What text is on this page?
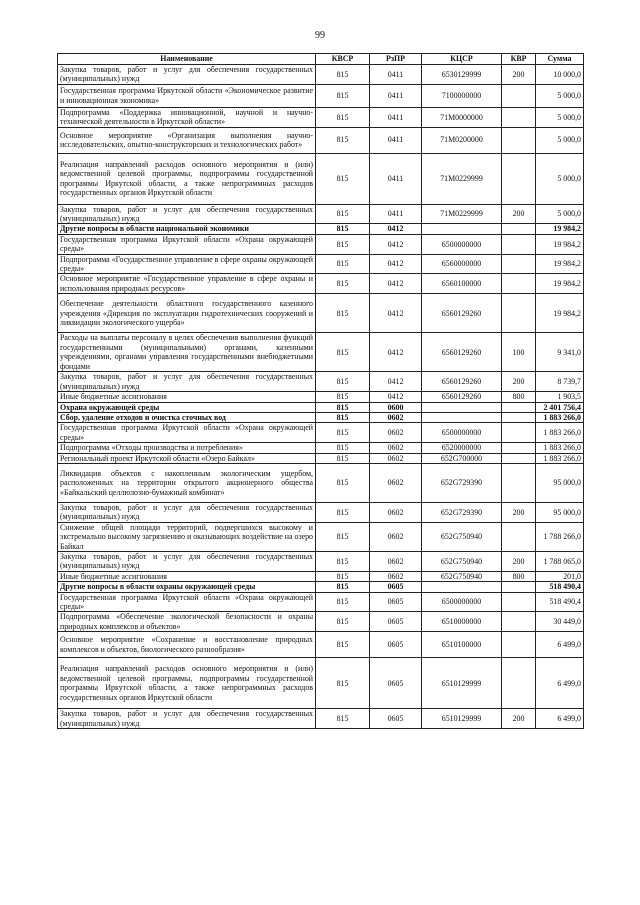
99
Наименование	КВСР	РзПР	КЦСР	КВР	Сумма
Закупка товаров, работ и услуг для обеспечения государственных (муниципальных) нужд	815	0411	6530129999	200	10 000,0
Государственная программа Иркутской области «Экономическое развитие и инновационная экономика»	815	0411	7100000000		5 000,0
Подпрограмма «Поддержка инновационной, научной и научно-технической деятельности в Иркутской области»	815	0411	71M0000000		5 000,0
Основное мероприятие «Организация выполнения научно-исследовательских, опытно-конструкторских и технологических работ»	815	0411	71M0200000		5 000,0
Реализация направлений расходов основного мероприятия и (или) ведомственной целевой программы, подпрограммы государственной программы Иркутской области, а также непрограммных расходов государственных органов Иркутской области	815	0411	71M0229999		5 000,0
Закупка товаров, работ и услуг для обеспечения государственных (муниципальных) нужд	815	0411	71M0229999	200	5 000,0
Другие вопросы в области национальной экономики	815	0412			19 984,2
Государственная программа Иркутской области «Охрана окружающей среды»	815	0412	6500000000		19 984,2
Подпрограмма «Государственное управление в сфере охраны окружающей среды»	815	0412	6560000000		19 984,2
Основное мероприятие «Государственное управление в сфере охраны и использования природных ресурсов»	815	0412	6560100000		19 984,2
Обеспечение деятельности областного государственного казенного учреждения «Дирекция по эксплуатации гидротехнических сооружений и ликвидации экологического ущерба»	815	0412	6560129260		19 984,2
Расходы на выплаты персоналу в целях обеспечения выполнения функций государственными (муниципальными) органами, казенными учреждениями, органами управления государственными внебюджетными фондами	815	0412	6560129260	100	9 341,0
Закупка товаров, работ и услуг для обеспечения государственных (муниципальных) нужд	815	0412	6560129260	200	8 739,7
Иные бюджетные ассигнования	815	0412	6560129260	800	1 903,5
Охрана окружающей среды	815	0600			2 401 756,4
Сбор, удаление отходов и очистка сточных вод	815	0602			1 883 266,0
Государственная программа Иркутской области «Охрана окружающей среды»	815	0602	6500000000		1 883 266,0
Подпрограмма «Отходы производства и потребления»	815	0602	6520000000		1 883 266,0
Региональный проект Иркутской области «Озеро Байкал»	815	0602	652G700000		1 883 266,0
Ликвидация объектов с накопленным экологическим ущербом, расположенных на территории открытого акционерного общества «Байкальский целлюлозно-бумажный комбинат»	815	0602	652G729390		95 000,0
Закупка товаров, работ и услуг для обеспечения государственных (муниципальных) нужд	815	0602	652G729390	200	95 000,0
Снижение общей площади территорий, подвергшихся высокому и экстремально высокому загрязнению и оказывающих воздействие на озеро Байкал	815	0602	652G750940		1 788 266,0
Закупка товаров, работ и услуг для обеспечения государственных (муниципальных) нужд	815	0602	652G750940	200	1 788 065,0
Иные бюджетные ассигнования	815	0602	652G750940	800	201,0
Другие вопросы в области охраны окружающей среды	815	0605			518 490,4
Государственная программа Иркутской области «Охрана окружающей среды»	815	0605	6500000000		518 490,4
Подпрограмма «Обеспечение экологической безопасности и охраны природных комплексов и объектов»	815	0605	6510000000		30 449,0
Основное мероприятие «Сохранение и восстановление природных комплексов и объектов, биологического разнообразия»	815	0605	6510100000		6 499,0
Реализация направлений расходов основного мероприятия и (или) ведомственной целевой программы, подпрограммы государственной программы Иркутской области, а также непрограммных расходов государственных органов Иркутской области	815	0605	6510129999		6 499,0
Закупка товаров, работ и услуг для обеспечения государственных (муниципальных) нужд	815	0605	6510129999	200	6 499,0
